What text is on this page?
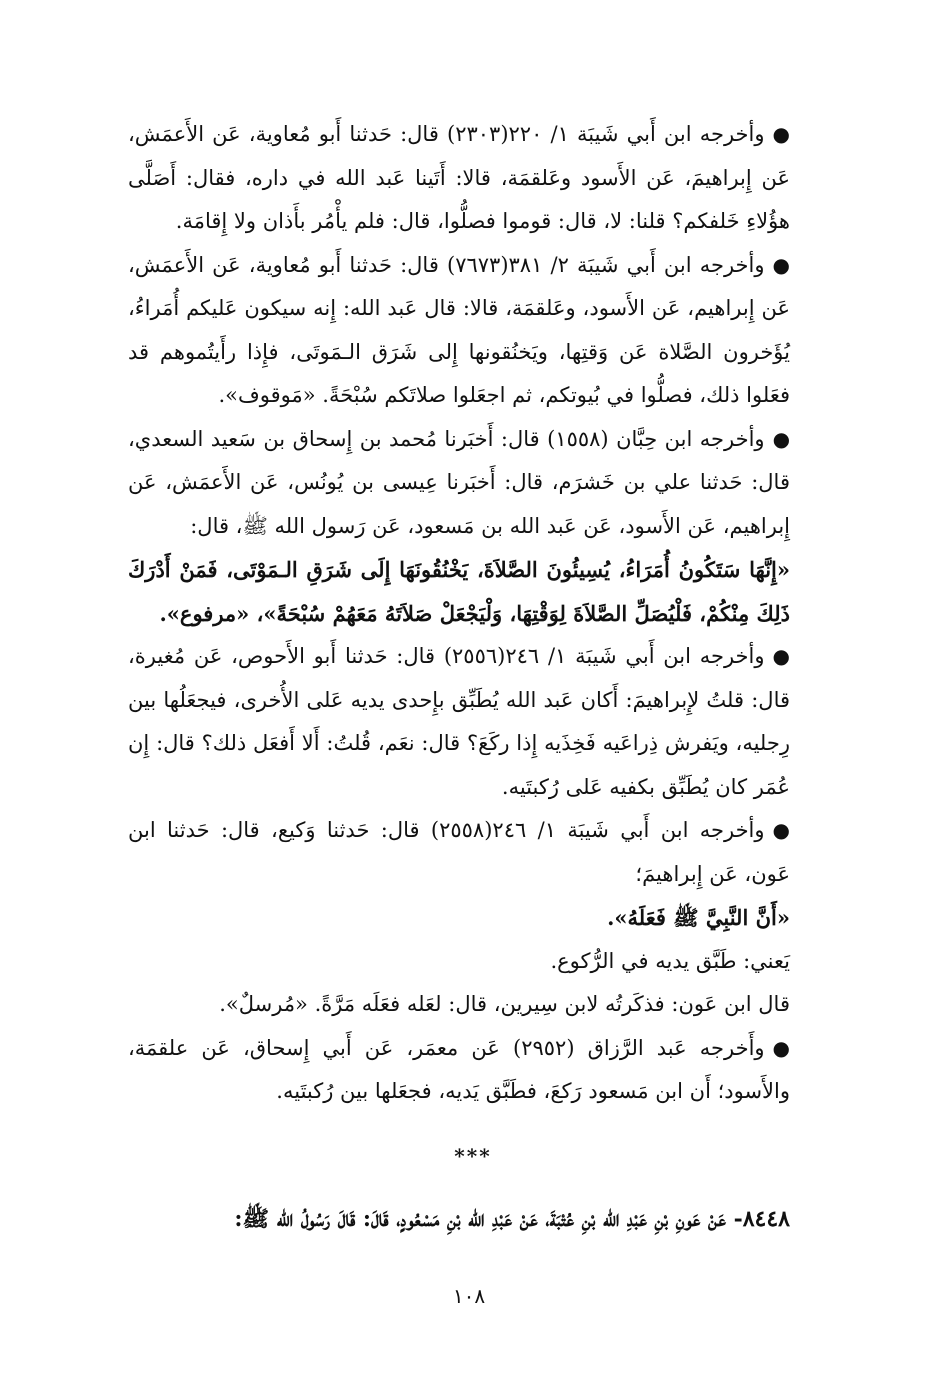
●وأخرجه ابن أَبي شَيبَة ١/ ٢٢٠(٢٣٠٣) قال: حَدثنا أَبو مُعاوية، عَن الأَعمَش، عَن إِبراهيمَ، عَن الأَسود وعَلقمَة، قالا: أَتَينا عَبد الله في داره، فقال: أَصَلَّى هؤُلاءِ خَلفكم؟ قلنا: لا، قال: قوموا فصلُّوا، قال: فلم يأْمُر بأَذان ولا إِقامَة.

●وأخرجه ابن أَبي شَيبَة ٢/ ٣٨١(٧٦٧٣) قال: حَدثنا أَبو مُعاوية، عَن الأَعمَش، عَن إِبراهيم، عَن الأَسود، وعَلقمَة، قالا: قال عَبد الله: إِنه سيكون عَليكم أُمَراءُ، يُؤَخرون الصَّلاة عَن وَقتِها، ويَخنُقونها إِلى شَرَق الـمَوتَى، فإِذا رأَيتُموهم قد فعَلوا ذلك، فصلُّوا في بُيوتكم، ثم اجعَلوا صلاتَكم سُبْحَةً. «مَوقوف».

●وأخرجه ابن حِبَّان (١٥٥٨) قال: أَخبَرنا مُحمد بن إِسحاق بن سَعيد السعدي، قال: حَدثنا علي بن خَشرَم، قال: أَخبَرنا عِيسى بن يُونُس، عَن الأَعمَش، عَن إِبراهيم، عَن الأَسود، عَن عَبد الله بن مَسعود، عَن رَسول الله ﷺ، قال:

«إِنَّهَا سَتَكُونُ أُمَرَاءُ، يُسِيئُونَ الصَّلاَةَ، يَخْنُقُونَهَا إِلَى شَرَقِ الـمَوْتَى، فَمَنْ أَدْرَكَ ذَلِكَ مِنْكُمْ، فَلْيُصَلِّ الصَّلاَةَ لِوَقْتِهَا، وَلْيَجْعَلْ صَلاَتَهُ مَعَهُمْ سُبْحَةً»، «مرفوع».

●وأخرجه ابن أَبي شَيبَة ١/ ٢٤٦(٢٥٥٦) قال: حَدثنا أَبو الأَحوص، عَن مُغيرة، قال: قلتُ لإِبراهيمَ: أَكان عَبد الله يُطَبِّق بإِحدى يديه عَلى الأُخرى، فيجعَلُها بين رِجليه، ويَفرش ذِراعَيه فَخِذَيه إِذا ركَعَ؟ قال: نعَم، قُلتُ: أَلا أَفعَل ذلك؟ قال: إِن عُمَر كان يُطَبِّق بكفيه عَلى رُكبتَيه.

●وأخرجه ابن أَبي شَيبَة ١/ ٢٤٦(٢٥٥٨) قال: حَدثنا وَكيع، قال: حَدثنا ابن عَون، عَن إِبراهيمَ؛

«أَنَّ النَّبِيَّ ﷺ فَعَلَهُ».

يَعني: طَبَّق يديه في الرُّكوع.

قال ابن عَون: فذكَرتُه لابن سِيرين، قال: لعَله فعَلَه مَرَّةً. «مُرسلٌ».

●وأَخرجه عَبد الرَّزاق (٢٩٥٢) عَن معمَر، عَن أَبي إِسحاق، عَن علقمَة، والأَسود؛ أَن ابن مَسعود رَكعَ، فطَبَّق يَديه، فجعَلها بين رُكبتَيه.

***

٨٤٤٨- عَنْ عَونِ بْنِ عَبْدِ الله بْنِ عُتْبَةَ، عَنْ عَبْدِ الله بْنِ مَسْعُودٍ، قَالَ: قَالَ رَسُولُ الله ﷺ:

١٠٨
